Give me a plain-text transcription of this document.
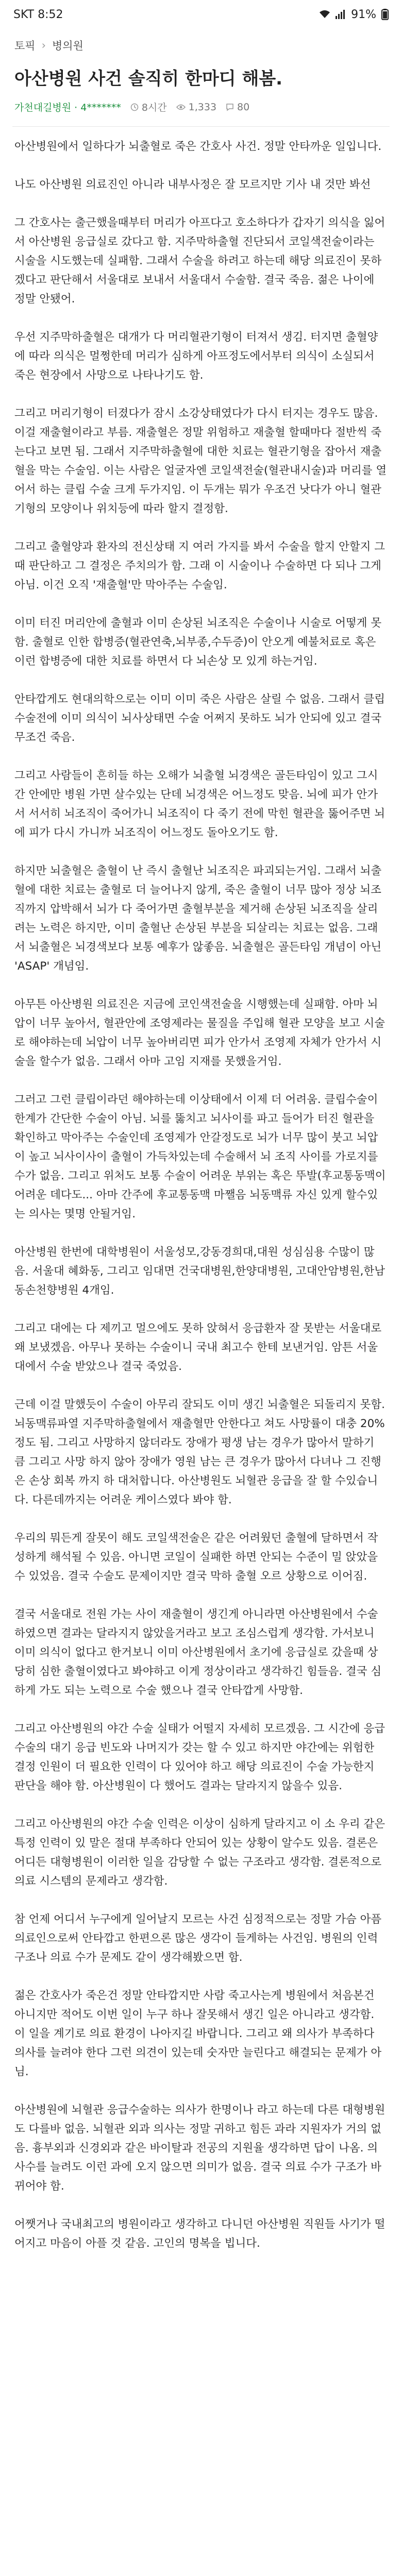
SKT 8:52	91%
토픽 › 병의원
아산병원 사건 솔직히 한마디 해봄.
가천대길병원 · 4******* 8시간 1,333 80

아산병원에서 일하다가 뇌출혈로 죽은 간호사 사건. 정말 안타까운 일입니다.

나도 아산병원 의료진인 아니라 내부사정은 잘 모르지만 기사 내 것만 봐선

그 간호사는 출근했을때부터 머리가 아프다고 호소하다가 갑자기 의식을 잃어서 아산병원 응급실로 갔다고 함. 지주막하출혈 진단되서 코일색전술이라는 시술을 시도했는데 실패함. 그래서 수술을 하려고 하는데 해당 의료진이 못하겠다고 판단해서 서울대로 보내서 서울대서 수술함. 결국 죽음. 젊은 나이에 정말 안됐어.

우선 지주막하출혈은 대개가 다 머리혈관기형이 터져서 생김. 터지면 출혈양에 따라 의식은 멀쩡한데 머리가 심하게 아프정도에서부터 의식이 소실되서 죽은 현장에서 사망으로 나타나기도 함.

그리고 머리기형이 터졌다가 잠시 소강상태였다가 다시 터지는 경우도 많음. 이걸 재출혈이라고 부름. 재출혈은 정말 위험하고 재출혈 할때마다 절반씩 죽는다고 보면 됨. 그래서 지주막하출혈에 대한 치료는 혈관기형을 잡아서 재출혈을 막는 수술임. 이는 사람은 얼굴자엔 코일색전술(혈관내시술)과 머리를 열어서 하는 클립 수술 크게 두가지임. 이 두개는 뭐가 우조건 낫다가 아니 혈관기형의 모양이나 위치등에 따라 할지 결정함.

그리고 출혈양과 환자의 전신상태 지 여러 가지를 봐서 수술을 할지 안할지 그 때 판단하고 그 결정은 주치의가 함. 그래 이 시술이나 수술하면 다 되나 그게 아님. 이건 오직 '재출혈'만 막아주는 수술임.

이미 터진 머리안에 출혈과 이미 손상된 뇌조직은 수술이나 시술로 어떻게 못함. 출혈로 인한 합병증(혈관연축,뇌부종,수두증)이 안오게 예불처료로 혹은 이런 합병증에 대한 치료를 하면서 다 뇌손상 모 있게 하는거임.

안타깝게도 현대의학으로는 이미 이미 죽은 사람은 살릴 수 없음. 그래서 클립 수술전에 이미 의식이 뇌사상태면 수술 어쩌지 못하도 뇌가 안되에 있고 결국 무조건 죽음.

그리고 사람들이 흔히들 하는 오해가 뇌출혈 뇌경색은 골든타임이 있고 그시간 안에만 병원 가면 살수있는 단데 뇌경색은 어느정도 맞음. 뇌에 피가 안가서 서서히 뇌조직이 죽어가니 뇌조직이 다 죽기 전에 막힌 혈관을 뚫어주면 뇌에 피가 다시 가니까 뇌조직이 어느정도 돌아오기도 함.

하지만 뇌출혈은 출혈이 난 즉시 출혈난 뇌조직은 파괴되는거임. 그래서 뇌출혈에 대한 치료는 출혈로 더 늘어나지 않게, 죽은 출혈이 너무 많아 정상 뇌조직까지 압박해서 뇌가 다 죽어가면 출혈부분을 제거해 손상된 뇌조직을 살리려는 노력은 하지만, 이미 출혈난 손상된 부분을 되살리는 치료는 없음. 그래서 뇌출혈은 뇌경색보다 보통 예후가 않좋음. 뇌출혈은 골든타임 개념이 아닌 'ASAP' 개념임.

아무튼 아산병원 의료진은 지금에 코인색전술을 시행했는데 실패함. 아마 뇌압이 너무 높아서, 혈관안에 조영제라는 물질을 주입해 혈관 모양을 보고 시술로 해야하는데 뇌압이 너무 높아버리면 피가 안가서 조영제 자체가 안가서 시술을 할수가 없음. 그래서 아마 고임 지재를 못했을거임.

그러고 그런 클립이라던 해야하는데 이상태에서 이제 더 어려움. 클립수술이 한계가 간단한 수술이 아님. 뇌를 뚫치고 뇌사이를 파고 들어가 터진 혈관을 확인하고 막아주는 수술인데 조영제가 안갈정도로 뇌가 너무 많이 붓고 뇌압이 높고 뇌사이사이 출혈이 가득차있는데 수술해서 뇌 조직 사이를 가로지를수가 없음. 그리고 위처도 보통 수술이 어려운 부위는 혹은 뚜발(후교통동맥이 어려운 데다도... 아마 간주에 후교통동맥 마쨀음 뇌동맥류 자신 있게 할수있는 의사는 몇명 안될거임.

아산병원 한번에 대학병원이 서울성모,강동경희대,대원 성심심용 수많이 많음. 서울대 혜화동, 그리고 임대면 건국대병원,한양대병원, 고대안암병원,한남동손천향병원 4개임.

그리고 대에는 다 제끼고 멀으에도 못하 앉혀서 응급환자 잘 못받는 서울대로 왜 보냈겠음. 아무나 못하는 수술이니 국내 최고수 한테 보낸거임. 암튼 서울대에서 수술 받았으나 결국 죽었음.

근데 이걸 말했듯이 수술이 아무리 잘되도 이미 생긴 뇌출혈은 되돌리지 못함. 뇌동맥류파열 지주막하출혈에서 재출혈만 안한다고 쳐도 사망률이 대충 20%정도 됨. 그리고 사망하지 않더라도 장애가 평생 남는 경우가 많아서 말하기 큼 그리고 사망 하지 않아 장애가 영원 남는 큰 경우가 많아서 다녀나 그 진행은 손상 회복 까지 하 대처합니다. 아산병원도 뇌혈관 응급을 잘 할 수있습니다. 다른데까지는 어려운 케이스였다 봐야 함.

우리의 뭐든게 잘못이 해도 코일색전술은 같은 어려웠던 출혈에 달하면서 작성하게 해석될 수 있음. 아니면 코일이 실패한 하면 안되는 수준이 밀 앉았을 수 있었음. 결국 수술도 문제이지만 결국 막하 출혈 오르 상황으로 이어짐.

결국 서울대로 전원 가는 사이 재출혈이 생긴게 아니라면 아산병원에서 수술하였으면 결과는 달라지지 않았을거라고 보고 조심스럽게 생각함. 가서보니 이미 의식이 없다고 한거보니 이미 아산병원에서 초기에 응급실로 갔을때 상당히 심한 출혈이였다고 봐야하고 이게 정상이라고 생각하긴 힘들음. 결국 심하게 가도 되는 노력으로 수술 했으나 결국 안타깝게 사망함.

그리고 아산병원의 야간 수술 실태가 어떨지 자세히 모르겠음. 그 시간에 응급 수술의 대기 응급 빈도와 나머지가 갖는 할 수 있고 하지만 야간에는 위험한 결정 인원이 더 필요한 인력이 다 있어야 하고 해당 의료진이 수술 가능한지 판단을 해야 함. 아산병원이 다 했어도 결과는 달라지지 않을수 있음.

그리고 아산병원의 야간 수술 인력은 이상이 심하게 달라지고 이 소 우리 같은 특정 인력이 있 말은 절대 부족하다 안되어 있는 상황이 알수도 있음. 결론은 어디든 대형병원이 이러한 일을 감당할 수 없는 구조라고 생각함. 결론적으로 의료 시스템의 문제라고 생각함.

참 언제 어디서 누구에게 일어날지 모르는 사건 심정적으로는 정말 가슴 아픔 의료인으로써 안타깝고 한편으론 많은 생각이 들게하는 사건임. 병원의 인력 구조나 의료 수가 문제도 같이 생각해봤으면 함.

젊은 간호사가 죽은건 정말 안타깝지만 사람 죽고사는게 병원에서 처음본건 아니지만 적어도 이번 일이 누구 하나 잘못해서 생긴 일은 아니라고 생각함. 이 일을 계기로 의료 환경이 나아지길 바랍니다. 그리고 왜 의사가 부족하다 의사를 늘려야 한다 그런 의견이 있는데 숫자만 늘린다고 해결되는 문제가 아님.

아산병원에 뇌혈관 응급수술하는 의사가 한명이나 라고 하는데 다른 대형병원도 다를바 없음. 뇌혈관 외과 의사는 정말 귀하고 힘든 과라 지원자가 거의 없음. 흉부외과 신경외과 같은 바이탈과 전공의 지원율 생각하면 답이 나옴. 의사수를 늘려도 이런 과에 오지 않으면 의미가 없음. 결국 의료 수가 구조가 바뀌어야 함.

어쨋거나 국내최고의 병원이라고 생각하고 다니던 아산병원 직원들 사기가 떨어지고 마음이 아플 것 같음. 고인의 명복을 빕니다.
